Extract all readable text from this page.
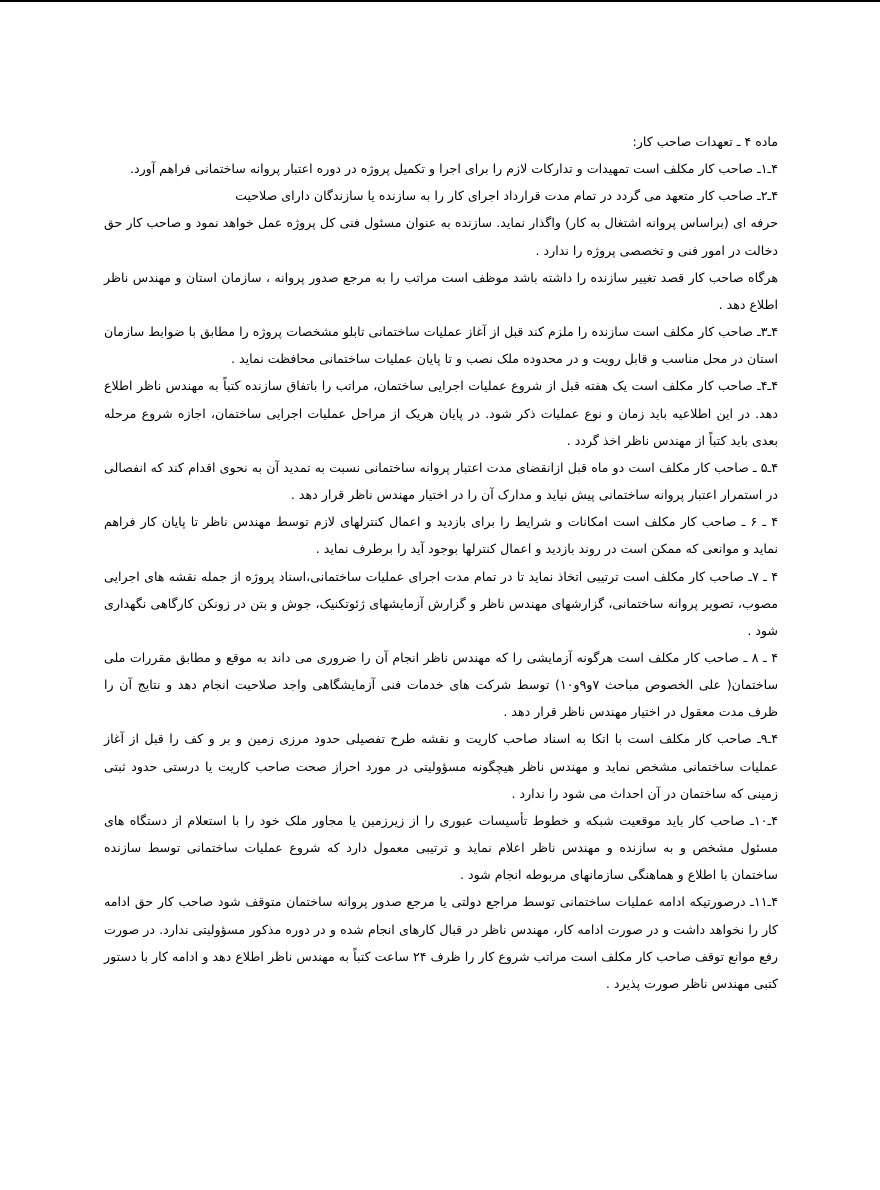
ماده ۴ ـ تعهدات صاحب کار:

۴ـ۱ـ صاحب کار مکلف است تمهیدات و تدارکات لازم را برای اجرا و تکمیل پروژه در دوره اعتبار پروانه ساختمانی فراهم آورد.

۴ـ۲ـ صاحب کار متعهد می گردد در تمام مدت قرارداد اجرای کار را به سازنده یا سازندگان دارای صلاحیت

حرفه ای (براساس پروانه اشتغال به کار) واگذار نماید. سازنده به عنوان مسئول فنی کل پروژه عمل خواهد نمود و صاحب کار حق دخالت در امور فنی و تخصصی پروژه را ندارد .

هرگاه صاحب کار قصد تغییر سازنده را داشته باشد موظف است مراتب را به مرجع صدور پروانه ، سازمان استان و مهندس ناظر اطلاع دهد .

۴ـ۳ـ صاحب کار مکلف است سازنده را ملزم کند قبل از آغاز عملیات ساختمانی تابلو مشخصات پروژه را مطابق با ضوابط سازمان استان در محل مناسب و قابل رویت و در محدوده ملک نصب و تا پایان عملیات ساختمانی محافظت نماید .

۴ـ۴ـ صاحب کار مکلف است یک هفته قبل از شروع عملیات اجرایی ساختمان، مراتب را باتفاق سازنده کتباً به مهندس ناظر اطلاع دهد. در این اطلاعیه باید زمان و نوع عملیات ذکر شود. در پایان هریک از مراحل عملیات اجرایی ساختمان، اجازه شروع مرحله بعدی باید کتباً از مهندس ناظر اخذ گردد .

۴ـ۵ ـ صاحب کار مکلف است دو ماه قبل ازانقضای مدت اعتبار پروانه ساختمانی نسبت به تمدید آن به نحوی اقدام کند که انفصالی در استمرار اعتبار پروانه ساختمانی پیش نیاید و مدارک آن را در اختیار مهندس ناظر قرار دهد .

۴ ـ ۶ ـ صاحب کار مکلف است امکانات و شرایط را برای بازدید و اعمال کنترلهای لازم توسط مهندس ناظر تا پایان کار فراهم نماید و موانعی که ممکن است در روند بازدید و اعمال کنترلها بوجود آید را برطرف نماید .

۴ ـ ۷ـ صاحب کار مکلف است ترتیبی اتخاذ نماید تا در تمام مدت اجرای عملیات ساختمانی،اسناد پروژه از جمله نقشه های اجرایی مصوب، تصویر پروانه ساختمانی، گزارشهای مهندس ناظر و گزارش آزمایشهای ژئوتکنیک، جوش و بتن در زونکن کارگاهی نگهداری شود .

۴ ـ ۸ ـ صاحب کار مکلف است هرگونه آزمایشی را که مهندس ناظر انجام آن را ضروری می داند به موقع و مطابق مقررات ملی ساختمان( علی الخصوص مباحث ۷و۹و۱۰) توسط شرکت های خدمات فنی آزمایشگاهی واجد صلاحیت انجام دهد و نتایج آن را ظرف مدت معقول در اختیار مهندس ناظر قرار دهد .

۴ـ۹ـ صاحب کار مکلف است با اتکا به اسناد صاحب کاریت و نقشه طرح تفصیلی حدود مرزی زمین و بر و کف را قبل از آغاز عملیات ساختمانی مشخص نماید و مهندس ناظر هیچگونه مسؤولیتی در مورد احراز صحت صاحب کاریت یا درستی حدود ثبتی زمینی که ساختمان در آن احداث می شود را ندارد .

۴ـ۱۰ـ صاحب کار باید موقعیت شبکه و خطوط تأسیسات عبوری را از زیرزمین یا مجاور ملک خود را با استعلام از دستگاه های مسئول مشخص و به سازنده و مهندس ناظر اعلام نماید و ترتیبی معمول دارد که شروع عملیات ساختمانی توسط سازنده ساختمان با اطلاع و هماهنگی سازمانهای مربوطه انجام شود .

۴ـ۱۱ـ درصورتیکه ادامه عملیات ساختمانی توسط مراجع دولتی یا مرجع صدور پروانه ساختمان متوقف شود صاحب کار حق ادامه کار را نخواهد داشت و در صورت ادامه کار، مهندس ناظر در قبال کارهای انجام شده و در دوره مذکور مسؤولیتی ندارد. در صورت رفع موانع توقف صاحب کار مکلف است مراتب شروع کار را ظرف ۲۴ ساعت کتباً به مهندس ناظر اطلاع دهد و ادامه کار با دستور کتبی مهندس ناظر صورت پذیرد .
